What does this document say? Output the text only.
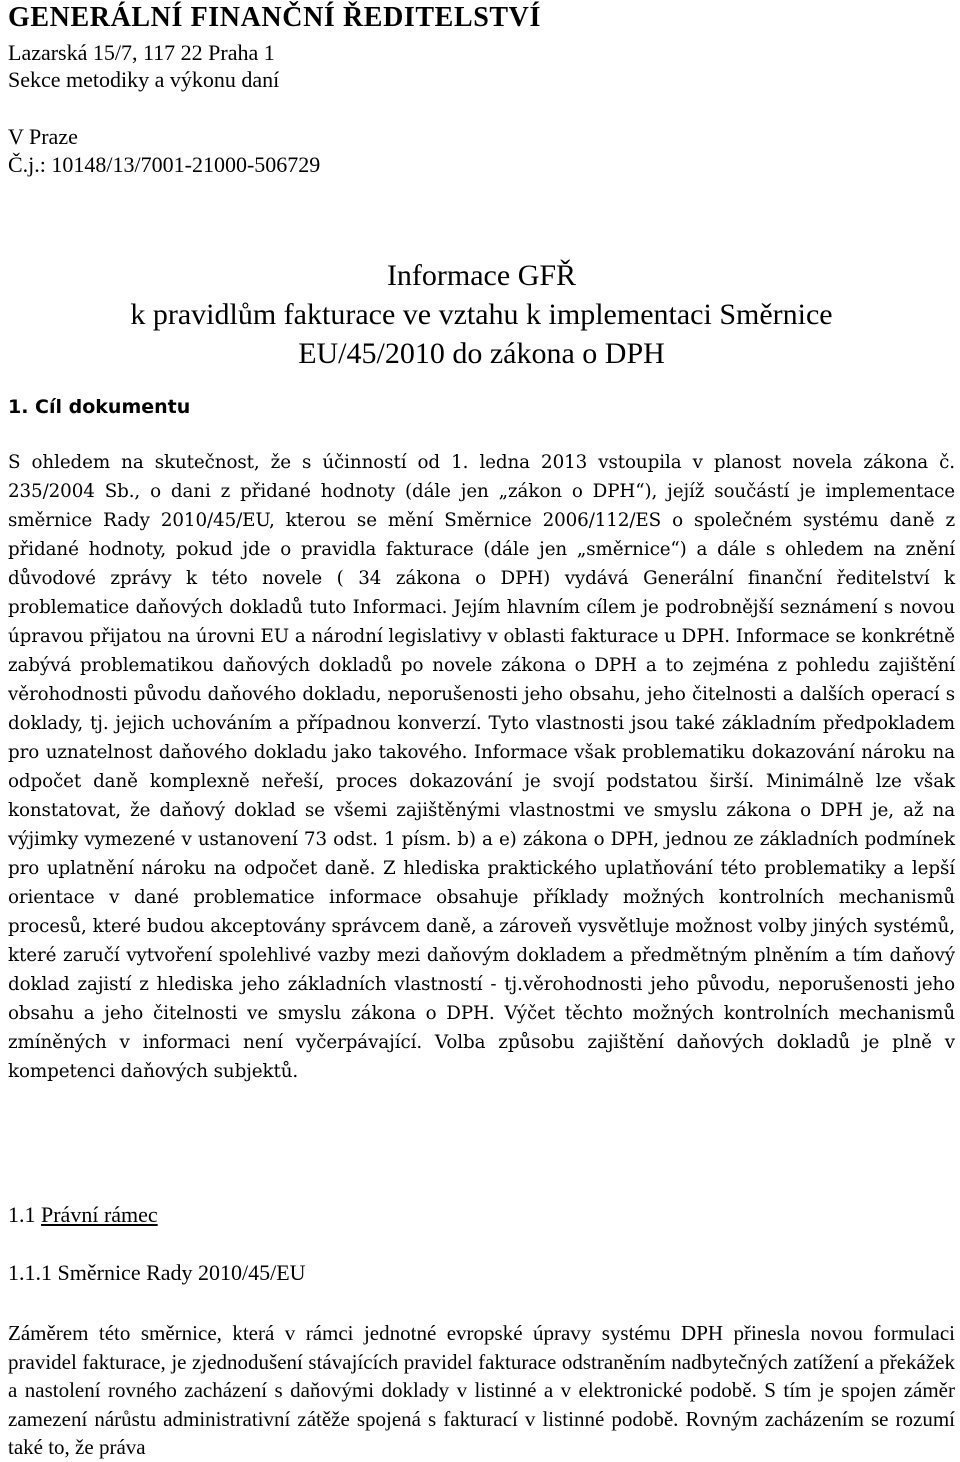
GENERÁLNÍ FINANČNÍ ŘEDITELSTVÍ
Lazarská 15/7, 117 22 Praha 1
Sekce metodiky a výkonu daní
V Praze
Č.j.: 10148/13/7001-21000-506729
Informace GFŘ
k pravidlům fakturace ve vztahu k implementaci Směrnice
EU/45/2010 do zákona o DPH
1. Cíl dokumentu
S ohledem na skutečnost, že s účinností od 1. ledna 2013 vstoupila v planost novela zákona č. 235/2004 Sb., o dani z přidané hodnoty (dále jen „zákon o DPH“), jejíž součástí je implementace směrnice Rady 2010/45/EU, kterou se mění Směrnice 2006/112/ES o společném systému daně z přidané hodnoty, pokud jde o pravidla fakturace (dále jen „směrnice“) a dále s ohledem na znění důvodové zprávy k této novele ( 34 zákona o DPH) vydává Generální finanční ředitelství k problematice daňových dokladů tuto Informaci. Jejím hlavním cílem je podrobnější seznámení s novou úpravou přijatou na úrovni EU a národní legislativy v oblasti fakturace u DPH. Informace se konkrétně zabývá problematikou daňových dokladů po novele zákona o DPH a to zejména z pohledu zajištění věrohodnosti původu daňového dokladu, neporušenosti jeho obsahu, jeho čitelnosti a dalších operací s doklady, tj. jejich uchováním a případnou konverzí. Tyto vlastnosti jsou také základním předpokladem pro uznatelnost daňového dokladu jako takového. Informace však problematiku dokazování nároku na odpočet daně komplexně neřeší, proces dokazování je svojí podstatou širší. Minimálně lze však konstatovat, že daňový doklad se všemi zajištěnými vlastnostmi ve smyslu zákona o DPH je, až na výjimky vymezené v ustanovení 73 odst. 1 písm. b) a e) zákona o DPH, jednou ze základních podmínek pro uplatnění nároku na odpočet daně. Z hlediska praktického uplatňování této problematiky a lepší orientace v dané problematice informace obsahuje příklady možných kontrolních mechanismů procesů, které budou akceptovány správcem daně, a zároveň vysvětluje možnost volby jiných systémů, které zaručí vytvoření spolehlivé vazby mezi daňovým dokladem a předmětným plněním a tím daňový doklad zajistí z hlediska jeho základních vlastností - tj.věrohodnosti jeho původu, neporušenosti jeho obsahu a jeho čitelnosti ve smyslu zákona o DPH. Výčet těchto možných kontrolních mechanismů zmíněných v informaci není vyčerpávající. Volba způsobu zajištění daňových dokladů je plně v kompetenci daňových subjektů.
1.1 Právní rámec
1.1.1 Směrnice Rady 2010/45/EU
Záměrem této směrnice, která v rámci jednotné evropské úpravy systému DPH přinesla novou formulaci pravidel fakturace, je zjednodušení stávajících pravidel fakturace odstraněním nadbytečných zatížení a překážek a nastolení rovného zacházení s daňovými doklady v listinné a v elektronické podobě. S tím je spojen záměr zamezení nárůstu administrativní zátěže spojená s fakturací v listinné podobě. Rovným zacházením se rozumí také to, že práva
